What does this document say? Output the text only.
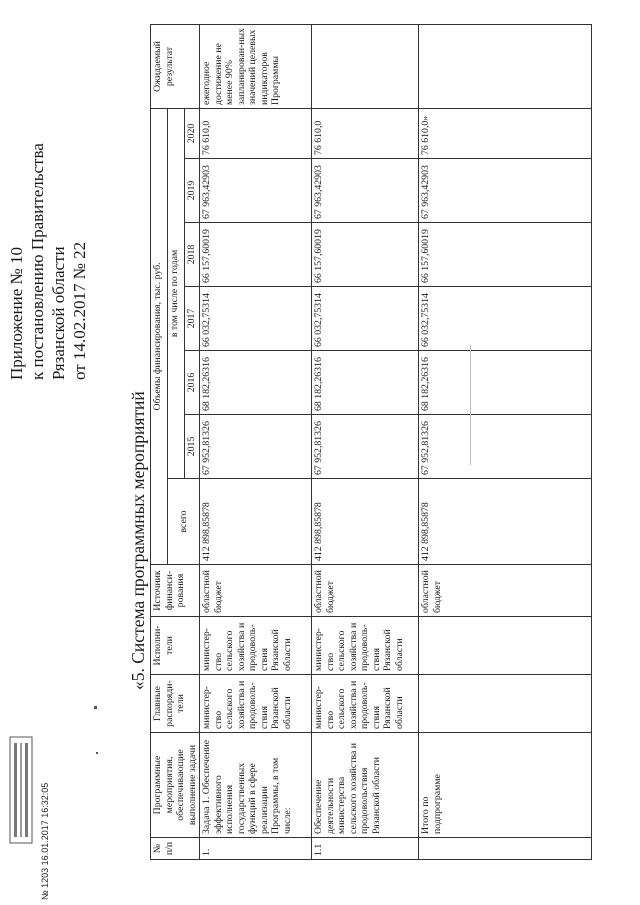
Приложение № 10 к постановлению Правительства Рязанской области от 14.02.2017 № 22
«5. Система программных мероприятий
№ п/п	Программные мероприятия, обеспечивающие выполнение задачи	Главные распоряди-тели	Исполни-тели	Источник финанси-рования	Объемы финансирования, тыс. руб.							Ожидаемый результат
					всего	в том числе по годам						
						2015	2016	2017	2018	2019	2020	
1.	Задача 1. Обеспечение эффективного исполнения государственных функций в сфере реализации Программы, в том числе:	министер-ство сельского хозяйства и продоволь-ствия Рязанской области	министер-ство сельского хозяйства и продоволь-ствия Рязанской области	областной бюджет	412 898,85878	67 952,81326	68 182,26316	66 032,75314	66 157,60019	67 963,42903	76 610,0	ежегодное достижение не менее 90% запланирован-ных значений целевых индикаторов Программы
1.1	Обеспечение деятельности министерства сельского хозяйства и продовольствия Рязанской области	министер-ство сельского хозяйства и продоволь-ствия Рязанской области	министер-ство сельского хозяйства и продоволь-ствия Рязанской области	областной бюджет	412 898,85878	67 952,81326	68 182,26316	66 032,75314	66 157,60019	67 963,42903	76 610,0	
	Итого по подпрограмме			областной бюджет	412 898,85878	67 952,81326	68 182,26316	66 032,75314	66 157,60019	67 963,42903	76 610,0»	
№ 1203 16.01.2017 16:32:05
